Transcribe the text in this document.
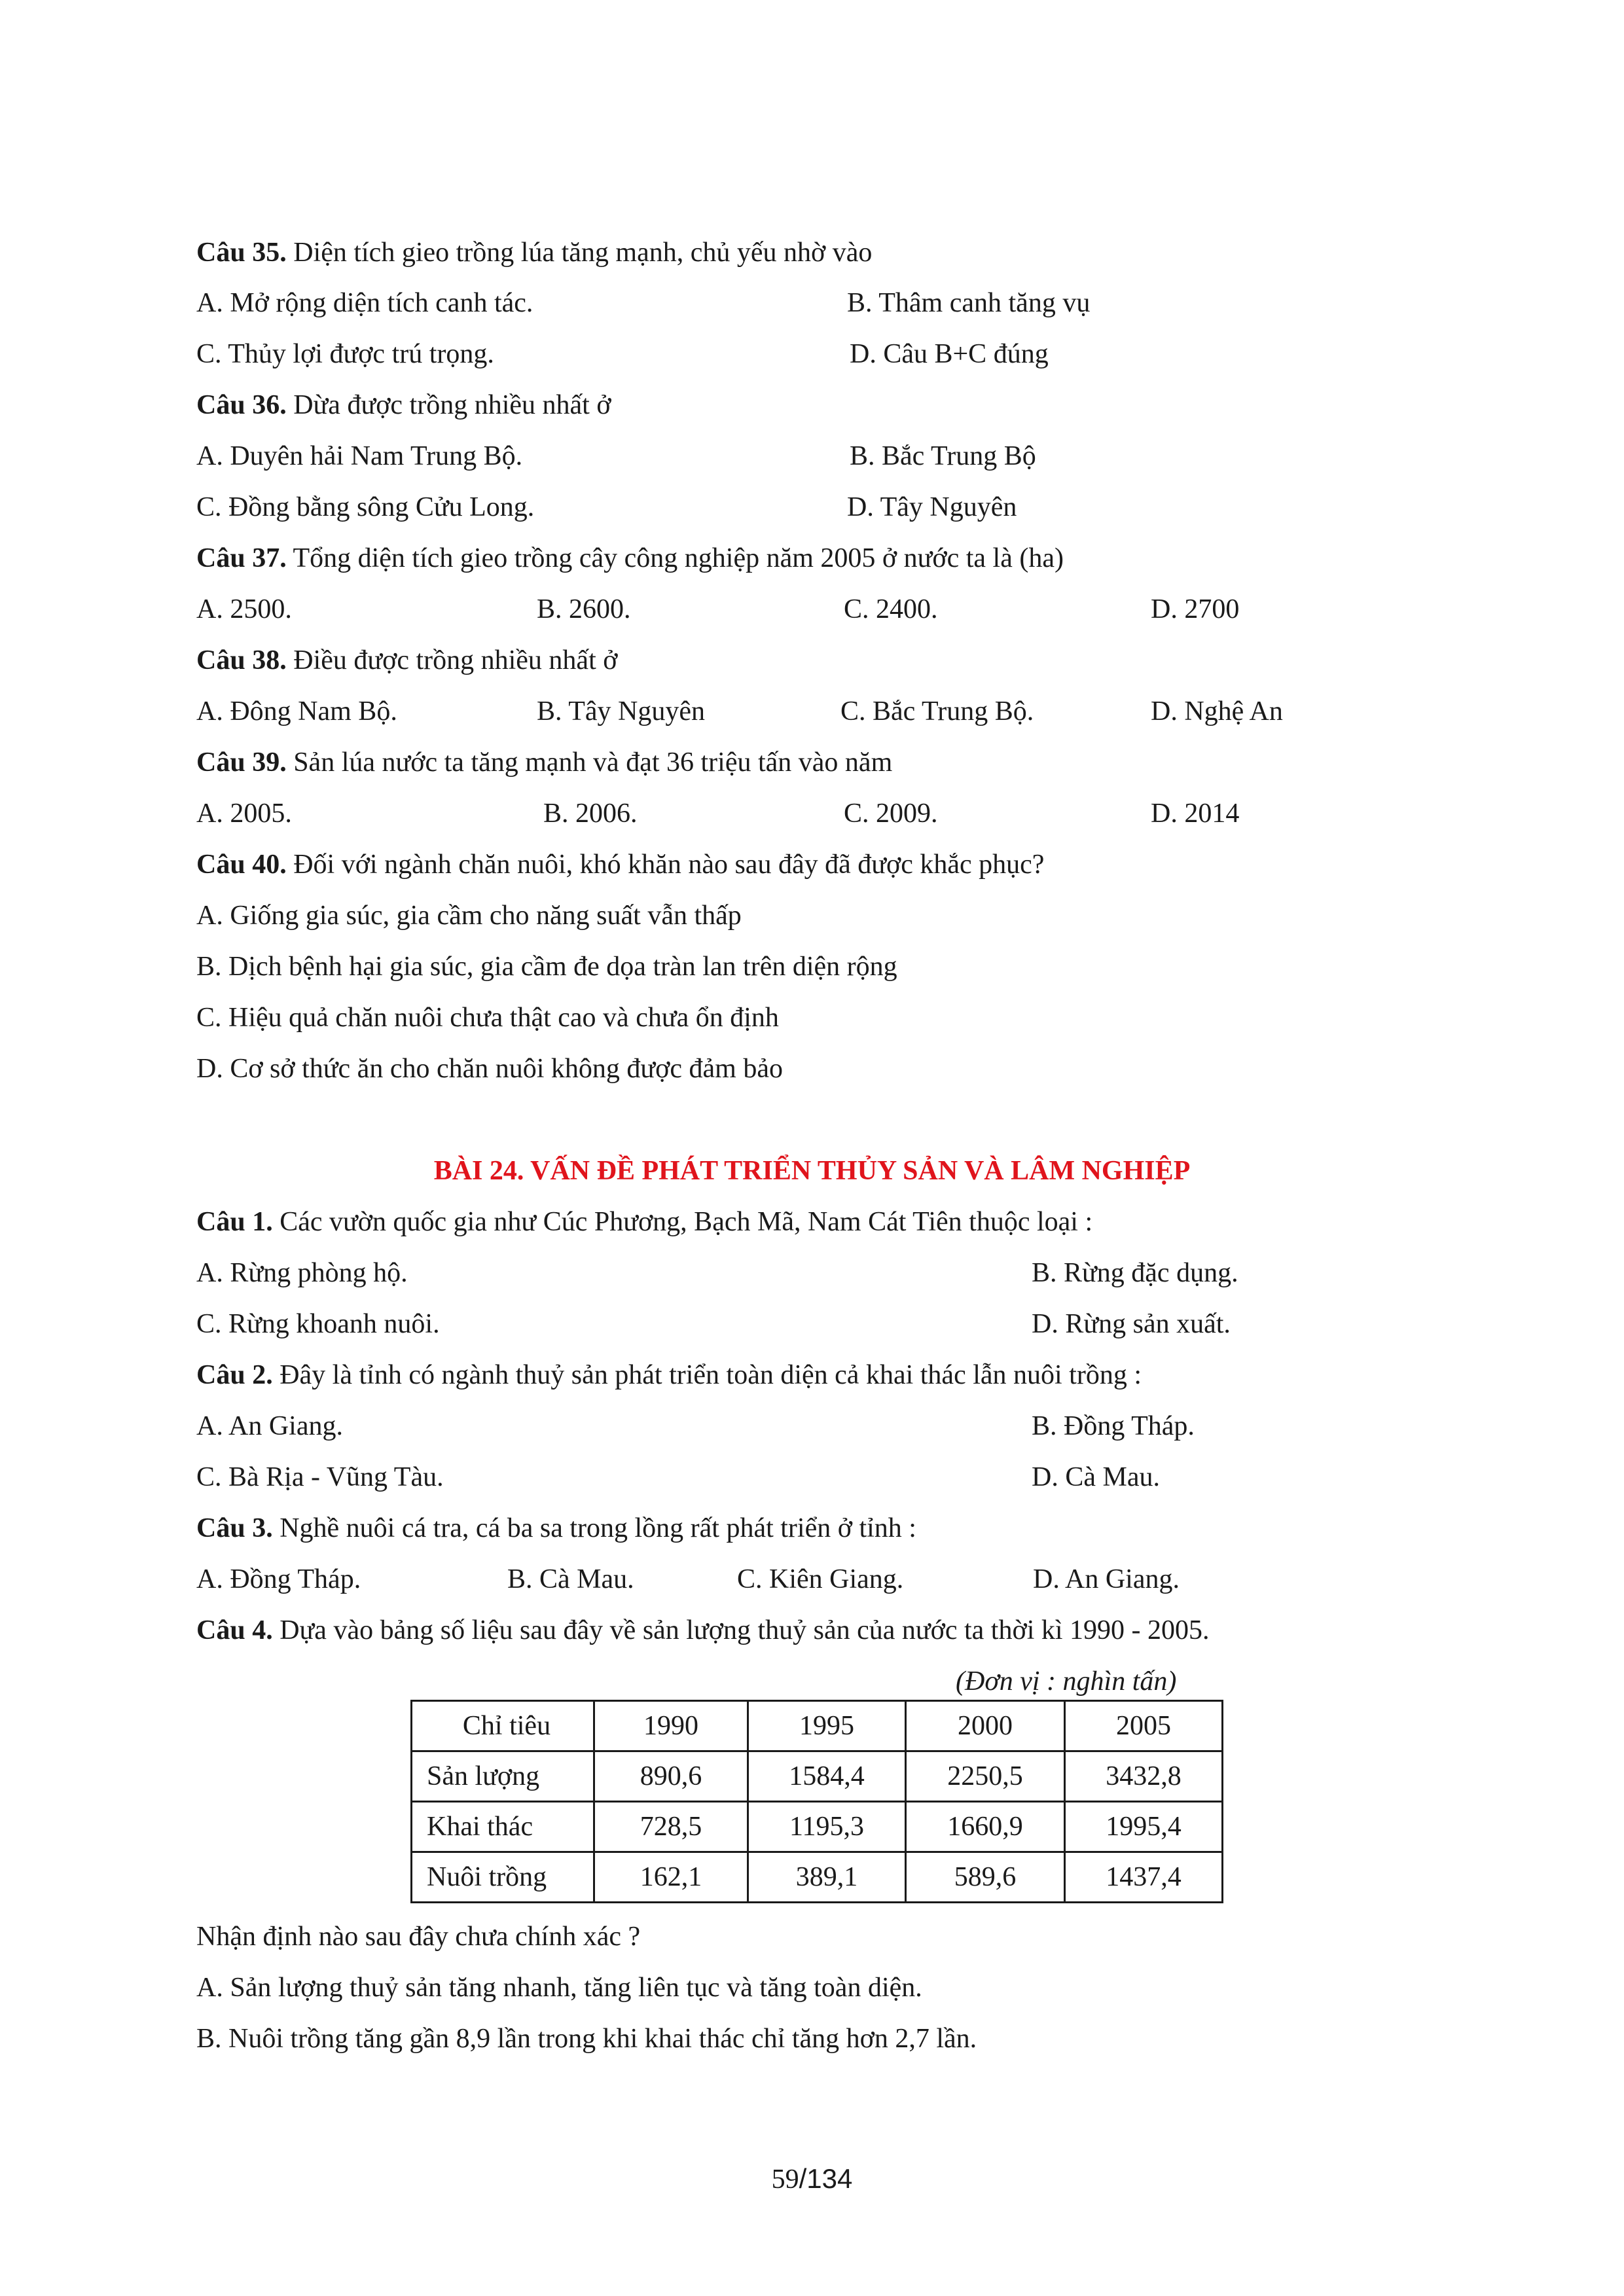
Câu 35. Diện tích gieo trồng lúa tăng mạnh, chủ yếu nhờ vào
A. Mở rộng diện tích canh tác.	B. Thâm canh tăng vụ
C. Thủy lợi được trú trọng.	D. Câu B+C đúng
Câu 36. Dừa được trồng nhiều nhất ở
A. Duyên hải Nam Trung Bộ.	B. Bắc Trung Bộ
C. Đồng bằng sông Cửu Long.	D. Tây Nguyên
Câu 37. Tổng diện tích gieo trồng cây công nghiệp năm 2005 ở nước ta là (ha)
A. 2500.	B. 2600.	C. 2400.	D. 2700
Câu 38. Điều được trồng nhiều nhất ở
A. Đông Nam Bộ.	B. Tây Nguyên	C. Bắc Trung Bộ.	D. Nghệ An
Câu 39. Sản lúa nước ta tăng mạnh và đạt 36 triệu tấn vào năm
A. 2005.	B. 2006.	C. 2009.	D. 2014
Câu 40. Đối với ngành chăn nuôi, khó khăn nào sau đây đã được khắc phục?
A. Giống gia súc, gia cầm cho năng suất vẫn thấp
B. Dịch bệnh hại gia súc, gia cầm đe dọa tràn lan trên diện rộng
C. Hiệu quả chăn nuôi chưa thật cao và chưa ổn định
D. Cơ sở thức ăn cho chăn nuôi không được đảm bảo
BÀI 24. VẤN ĐỀ PHÁT TRIỂN THỦY SẢN VÀ LÂM NGHIỆP
Câu 1. Các vườn quốc gia như Cúc Phương, Bạch Mã, Nam Cát Tiên thuộc loại :
A. Rừng phòng hộ.	B. Rừng đặc dụng.
C. Rừng khoanh nuôi.	D. Rừng sản xuất.
Câu 2. Đây là tỉnh có ngành thuỷ sản phát triển toàn diện cả khai thác lẫn nuôi trồng :
A. An Giang.	B. Đồng Tháp.
C. Bà Rịa - Vũng Tàu.	D. Cà Mau.
Câu 3. Nghề nuôi cá tra, cá ba sa trong lồng rất phát triển ở tỉnh :
A. Đồng Tháp.	B. Cà Mau.	C. Kiên Giang.	D. An Giang.
Câu 4. Dựa vào bảng số liệu sau đây về sản lượng thuỷ sản của nước ta thời kì 1990 - 2005.
(Đơn vị : nghìn tấn)
Chỉ tiêu	1990	1995	2000	2005
Sản lượng	890,6	1584,4	2250,5	3432,8
Khai thác	728,5	1195,3	1660,9	1995,4
Nuôi trồng	162,1	389,1	589,6	1437,4
Nhận định nào sau đây chưa chính xác ?
A. Sản lượng thuỷ sản tăng nhanh, tăng liên tục và tăng toàn diện.
B. Nuôi trồng tăng gần 8,9 lần trong khi khai thác chỉ tăng hơn 2,7 lần.
59/134
